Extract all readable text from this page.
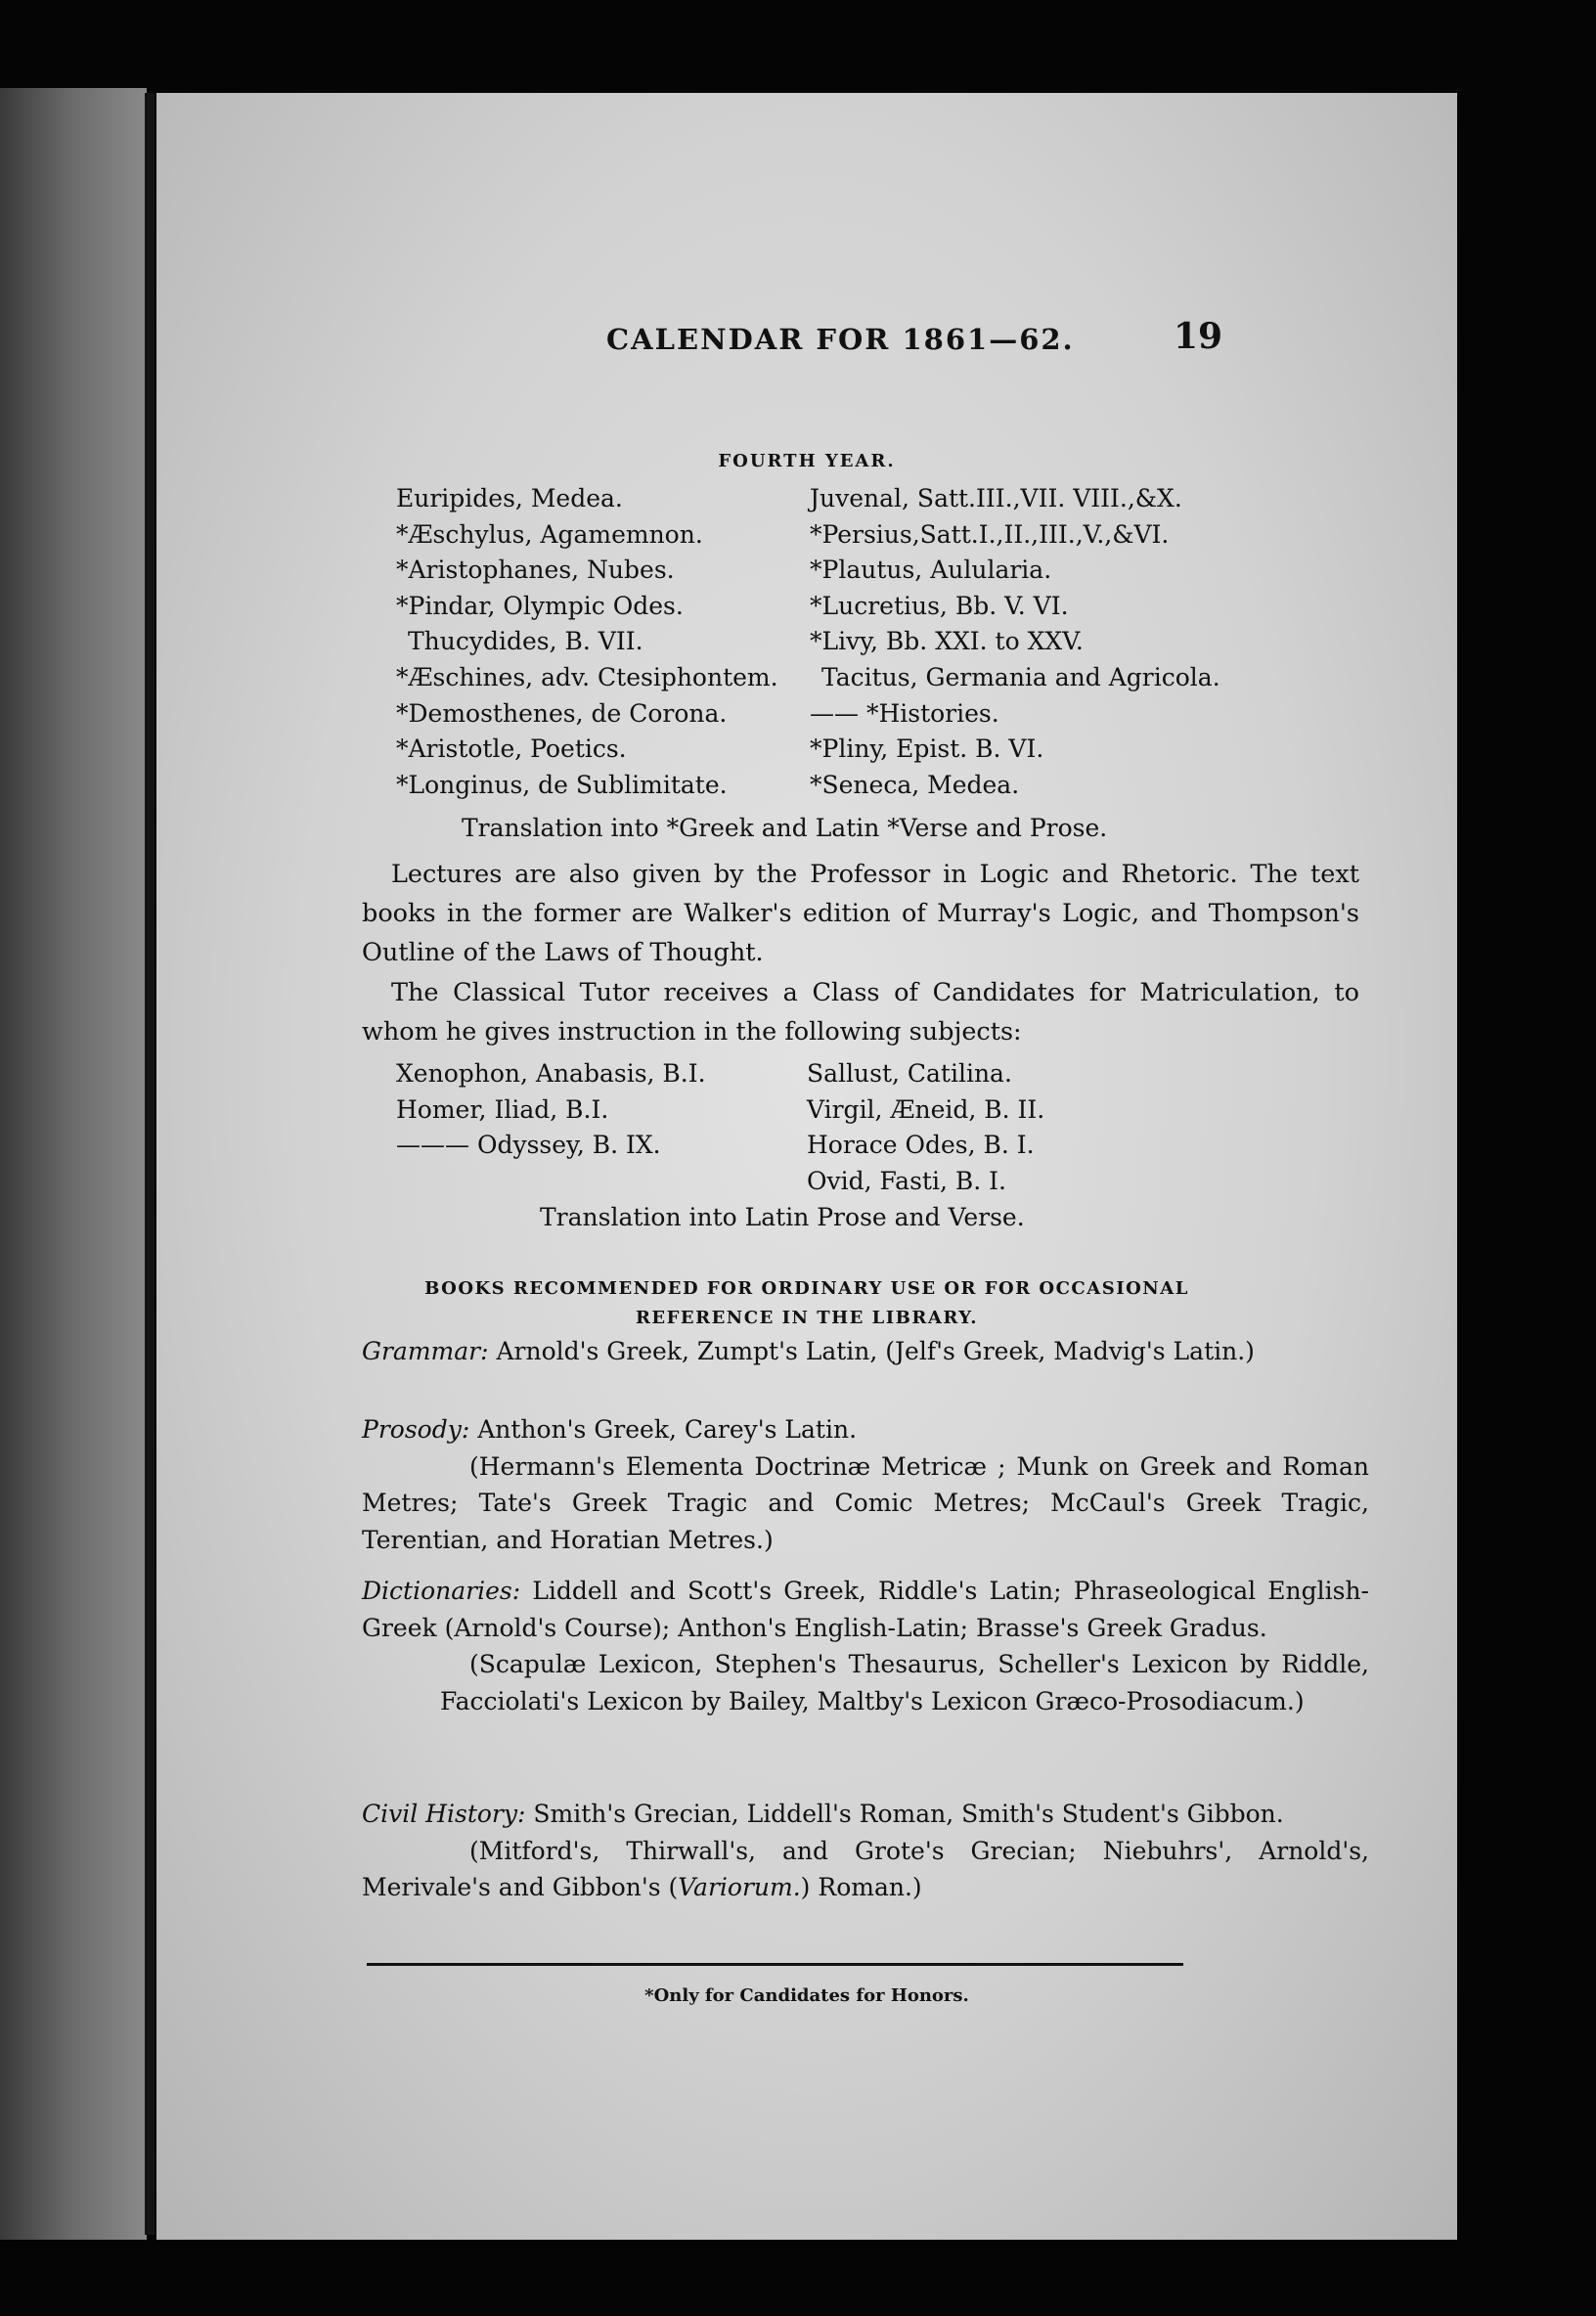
CALENDAR FOR 1861—62.	19
FOURTH YEAR.
Euripides, Medea.
*Æschylus, Agamemnon.
*Aristophanes, Nubes.
*Pindar, Olympic Odes.
Thucydides, B. VII.
*Æschines, adv. Ctesiphontem.
*Demosthenes, de Corona.
*Aristotle, Poetics.
*Longinus, de Sublimitate.
Juvenal, Satt.III.,VII. VIII.,&X.
*Persius,Satt.I.,II.,III.,V.,&VI.
*Plautus, Aulularia.
*Lucretius, Bb. V. VI.
*Livy, Bb. XXI. to XXV.
Tacitus, Germania and Agricola.
—— *Histories.
*Pliny, Epist. B. VI.
*Seneca, Medea.
Translation into *Greek and Latin *Verse and Prose.
Lectures are also given by the Professor in Logic and Rhetoric. The text books in the former are Walker's edition of Murray's Logic, and Thompson's Outline of the Laws of Thought.
The Classical Tutor receives a Class of Candidates for Matriculation, to whom he gives instruction in the following subjects:
Xenophon, Anabasis, B.I.
Homer, Iliad, B.I.
——— Odyssey, B. IX.
Sallust, Catilina.
Virgil, Æneid, B. II.
Horace Odes, B. I.
Ovid, Fasti, B. I.
Translation into Latin Prose and Verse.
BOOKS RECOMMENDED FOR ORDINARY USE OR FOR OCCASIONAL
REFERENCE IN THE LIBRARY.
Grammar: Arnold's Greek, Zumpt's Latin, (Jelf's Greek, Madvig's Latin.)
Prosody: Anthon's Greek, Carey's Latin.
(Hermann's Elementa Doctrinæ Metricæ ; Munk on Greek and Roman Metres; Tate's Greek Tragic and Comic Metres; McCaul's Greek Tragic, Terentian, and Horatian Metres.)
Dictionaries: Liddell and Scott's Greek, Riddle's Latin; Phraseological English-Greek (Arnold's Course); Anthon's English-Latin; Brasse's Greek Gradus.
(Scapulæ Lexicon, Stephen's Thesaurus, Scheller's Lexicon by Riddle, Facciolati's Lexicon by Bailey, Maltby's Lexicon Græco-Prosodiacum.)
Civil History: Smith's Grecian, Liddell's Roman, Smith's Student's Gibbon.
(Mitford's, Thirwall's, and Grote's Grecian; Niebuhrs', Arnold's, Merivale's and Gibbon's (Variorum.) Roman.)
*Only for Candidates for Honors.
